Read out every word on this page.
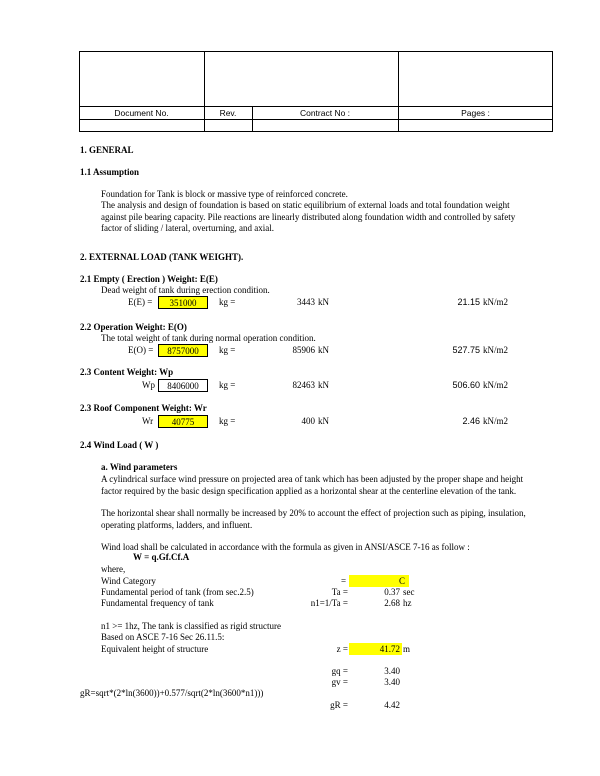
Document No.	Rev.	Contract No :	Pages :
1. GENERAL
1.1 Assumption
Foundation for Tank is block or massive type of reinforced concrete.
The analysis and design of foundation is based on static equilibrium of external loads and total foundation weight against pile bearing capacity. Pile reactions are linearly distributed along foundation width and controlled by safety factor of sliding / lateral, overturning, and axial.
2. EXTERNAL LOAD (TANK WEIGHT).
2.1 Empty ( Erection ) Weight: E(E)
Dead weight of tank during erection condition.
E(E) =	351000	kg =	3443 kN	21.15 kN/m2
2.2 Operation Weight: E(O)
The total weight of tank during normal operation condition.
E(O) =	8757000	kg =	85906 kN	527.75 kN/m2
2.3 Content Weight: Wp
Wp	8406000	kg =	82463 kN	506.60 kN/m2
2.3 Roof Component Weight: Wr
Wr	40775	kg =	400 kN	2.46 kN/m2
2.4 Wind Load ( W )
a. Wind parameters
A cylindrical surface wind pressure on projected area of tank which has been adjusted by the proper shape and height factor required by the basic design specification applied as a horizontal shear at the centerline elevation of the tank.
The horizontal shear shall normally be increased by 20% to account the effect of projection such as piping, insulation, operating platforms, ladders, and influent.
Wind load shall be calculated in accordance with the formula as given in ANSI/ASCE 7-16 as follow :
W = q.Gf.Cf.A
where,
Wind Category	=	C
Fundamental period of tank (from sec.2.5)	Ta =	0.37 sec
Fundamental frequency of tank	n1=1/Ta =	2.68 hz
n1 >= 1hz, The tank is classified as rigid structure
Based on ASCE 7-16 Sec 26.11.5:
Equivalent height of structure	z =	41.72 m
gq =	3.40
gv =	3.40
gR=sqrt*(2*ln(3600))+0.577/sqrt(2*ln(3600*n1)))
gR =	4.42
